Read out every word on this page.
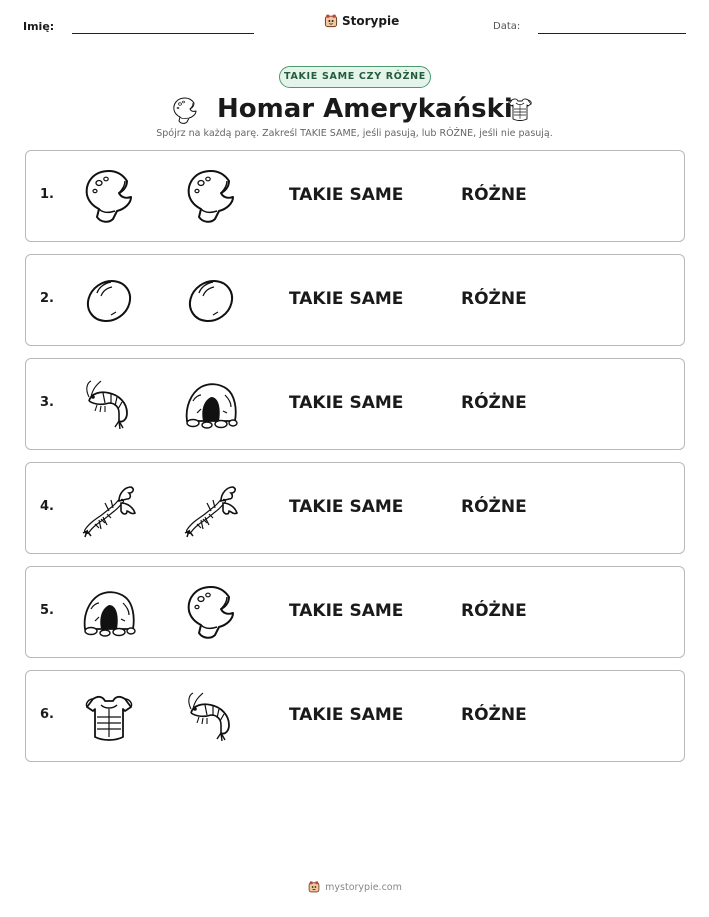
Imię:	Storypie	Data:
TAKIE SAME CZY RÓŻNE
Homar Amerykański

Spójrz na każdą parę. Zakreśl TAKIE SAME, jeśli pasują, lub RÓŻNE, jeśli nie pasują.

1.	TAKIE SAME	RÓŻNE
2.	TAKIE SAME	RÓŻNE
3.	TAKIE SAME	RÓŻNE
4.	TAKIE SAME	RÓŻNE
5.	TAKIE SAME	RÓŻNE
6.	TAKIE SAME	RÓŻNE
mystorypie.com
